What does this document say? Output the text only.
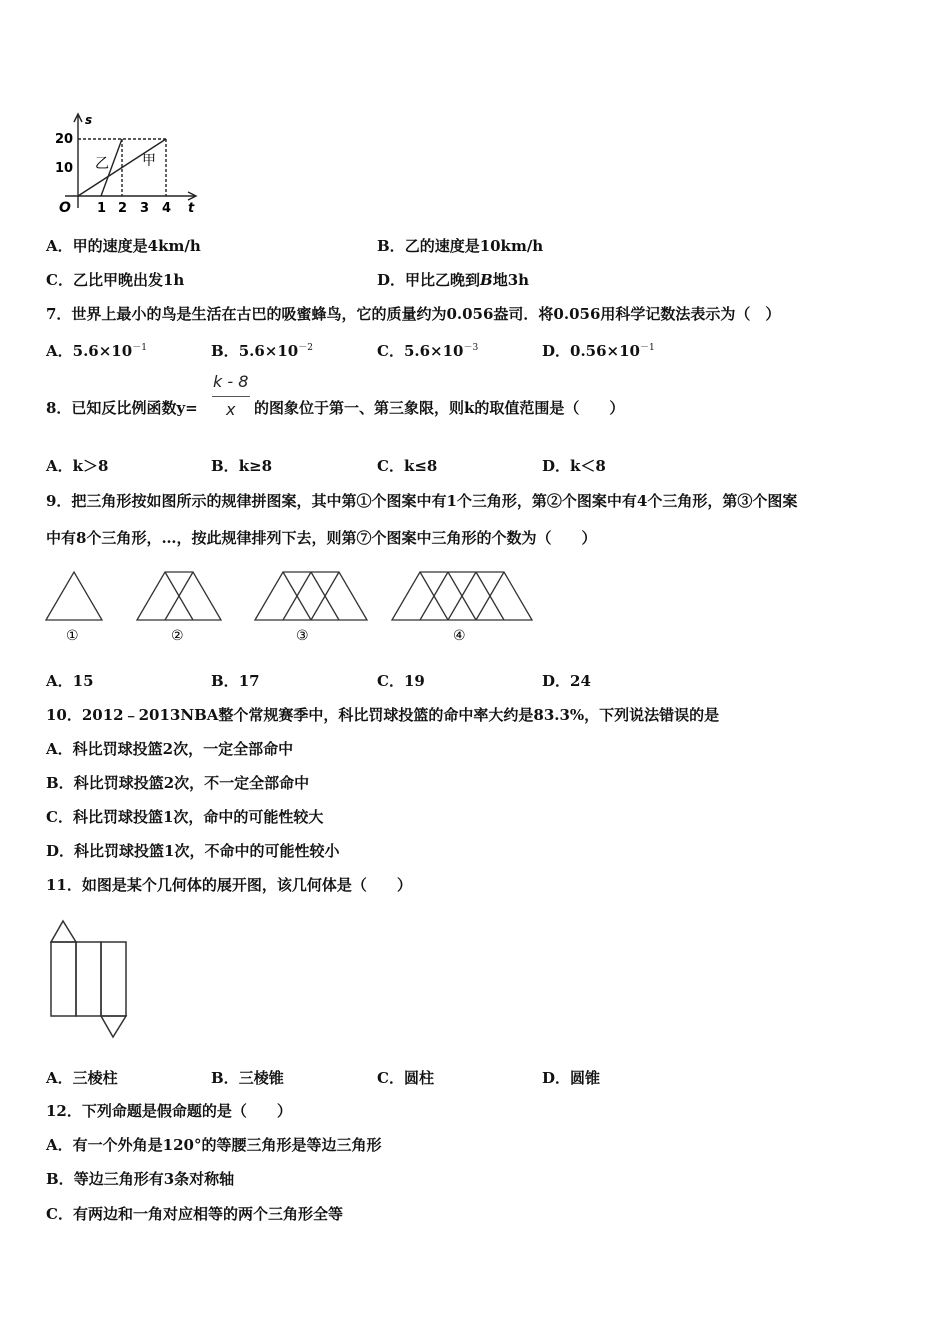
s
20
10
O 1 2 3 4 t
乙 甲
A．甲的速度是4km/h	B．乙的速度是10km/h
C．乙比甲晚出发1h	D．甲比乙晚到B地3h
7．世界上最小的鸟是生活在古巴的吸蜜蜂鸟，它的质量约为0.056盎司．将0.056用科学记数法表示为（　）
A．$5.6\times 10^{-1}$	B．$5.6\times 10^{-2}$	C．$5.6\times 10^{-3}$	D．$0.56\times 10^{-1}$
8．已知反比例函数y=
k - 8
x 的图象位于第一、第三象限，则k的取值范围是（　　）
A．k＞8	B．k≥8	C．k≤8	D．k＜8
9．把三角形按如图所示的规律拼图案，其中第①个图案中有1个三角形，第②个图案中有4个三角形，第③个图案
中有8个三角形，…，按此规律排列下去，则第⑦个图案中三角形的个数为（　　）
①	②	③	④
A．15	B．17	C．19	D．24
10．2012﹣2013NBA整个常规赛季中，科比罚球投篮的命中率大约是83.3%，下列说法错误的是
A．科比罚球投篮2次，一定全部命中
B．科比罚球投篮2次，不一定全部命中
C．科比罚球投篮1次，命中的可能性较大
D．科比罚球投篮1次，不命中的可能性较小
11．如图是某个几何体的展开图，该几何体是（　　）
A．三棱柱	B．三棱锥	C．圆柱	D．圆锥
12．下列命题是假命题的是（　　）
A．有一个外角是120°的等腰三角形是等边三角形
B．等边三角形有3条对称轴
C．有两边和一角对应相等的两个三角形全等
